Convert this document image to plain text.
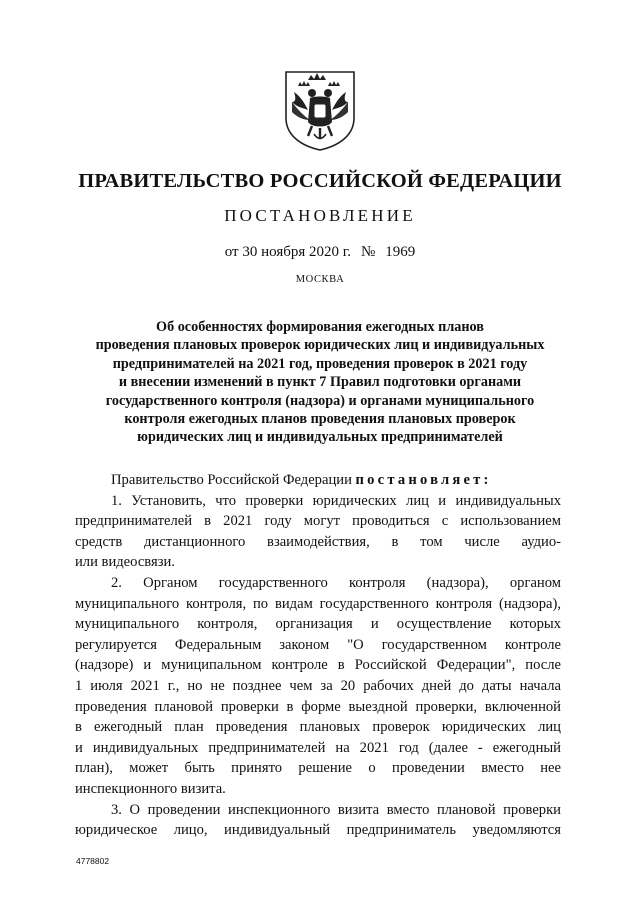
ПРАВИТЕЛЬСТВО РОССИЙСКОЙ ФЕДЕРАЦИИ
ПОСТАНОВЛЕНИЕ
от 30 ноября 2020 г. № 1969
МОСКВА
Об особенностях формирования ежегодных планов
проведения плановых проверок юридических лиц и индивидуальных
предпринимателей на 2021 год, проведения проверок в 2021 году
и внесении изменений в пункт 7 Правил подготовки органами
государственного контроля (надзора) и органами муниципального
контроля ежегодных планов проведения плановых проверок
юридических лиц и индивидуальных предпринимателей
Правительство Российской Федерации постановляет:
1. Установить, что проверки юридических лиц и индивидуальных
предпринимателей в 2021 году могут проводиться с использованием
средств дистанционного взаимодействия, в том числе аудио-
или видеосвязи.
2. Органом государственного контроля (надзора), органом
муниципального контроля, по видам государственного контроля (надзора),
муниципального контроля, организация и осуществление которых
регулируется Федеральным законом "О государственном контроле
(надзоре) и муниципальном контроле в Российской Федерации", после
1 июля 2021 г., но не позднее чем за 20 рабочих дней до даты начала
проведения плановой проверки в форме выездной проверки, включенной
в ежегодный план проведения плановых проверок юридических лиц
и индивидуальных предпринимателей на 2021 год (далее - ежегодный
план), может быть принято решение о проведении вместо нее
инспекционного визита.
3. О проведении инспекционного визита вместо плановой проверки
юридическое лицо, индивидуальный предприниматель уведомляются
4778802
